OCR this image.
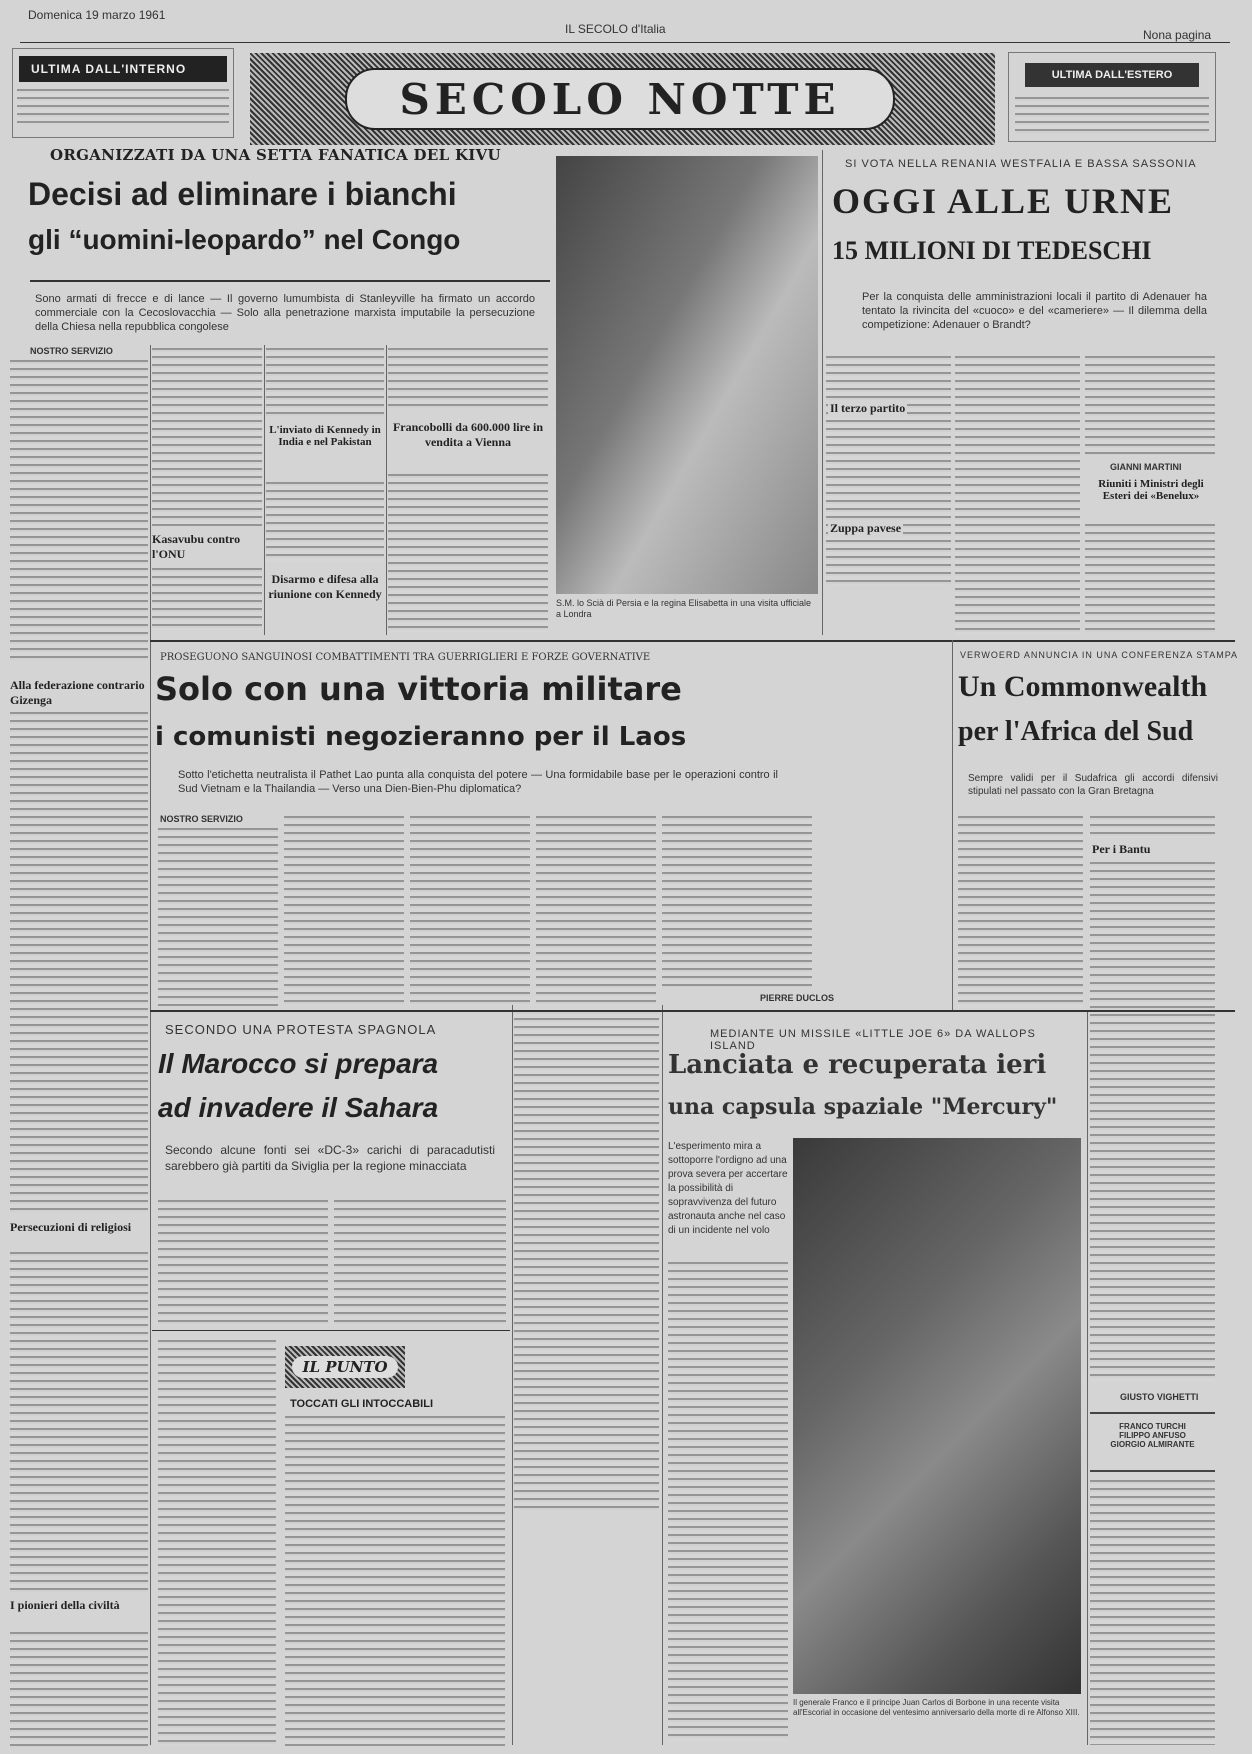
Domenica 19 marzo 1961
IL SECOLO d'Italia	Nona pagina
ULTIMA DALL'INTERNO
SECOLO NOTTE	ULTIMA DALL'ESTERO
ORGANIZZATI DA UNA SETTA FANATICA DEL KIVU
Decisi ad eliminare i bianchi
gli “uomini-leopardo” nel Congo
Sono armati di frecce e di lance — Il governo lumumbista di Stanleyville ha firmato un accordo commerciale con la Cecoslovacchia — Solo alla penetrazione marxista imputabile la persecuzione della Chiesa nella repubblica congolese
NOSTRO SERVIZIO
Kasavubu contro l'ONU
L'inviato di Kennedy in India e nel Pakistan
Disarmo e difesa alla riunione con Kennedy
Francobolli da 600.000 lire in vendita a Vienna
Alla federazione contrario Gizenga
Persecuzioni di religiosi
I pionieri della civiltà
S.M. lo Scià di Persia e la regina Elisabetta in una visita ufficiale a Londra
SI VOTA NELLA RENANIA WESTFALIA E BASSA SASSONIA
OGGI ALLE URNE
15 MILIONI DI TEDESCHI
Per la conquista delle amministrazioni locali il partito di Adenauer ha tentato la rivincita del «cuoco» e del «cameriere» — Il dilemma della competizione: Adenauer o Brandt?
Il terzo partito
Zuppa pavese
GIANNI MARTINI
Riuniti i Ministri degli Esteri dei «Benelux»
PROSEGUONO SANGUINOSI COMBATTIMENTI TRA GUERRIGLIERI E FORZE GOVERNATIVE
Solo con una vittoria militare
i comunisti negozieranno per il Laos
Sotto l'etichetta neutralista il Pathet Lao punta alla conquista del potere — Una formidabile base per le operazioni contro il Sud Vietnam e la Thailandia — Verso una Dien-Bien-Phu diplomatica?
NOSTRO SERVIZIO
PIERRE DUCLOS
VERWOERD ANNUNCIA IN UNA CONFERENZA STAMPA
Un Commonwealth
per l'Africa del Sud
Sempre validi per il Sudafrica gli accordi difensivi stipulati nel passato con la Gran Bretagna
Per i Bantu
GIUSTO VIGHETTI
FRANCO TURCHI
FILIPPO ANFUSO
GIORGIO ALMIRANTE
SECONDO UNA PROTESTA SPAGNOLA
Il Marocco si prepara
ad invadere il Sahara
Secondo alcune fonti sei «DC-3» carichi di paracadutisti sarebbero già partiti da Siviglia per la regione minacciata
IL PUNTO
TOCCATI GLI INTOCCABILI
MEDIANTE UN MISSILE «LITTLE JOE 6» DA WALLOPS ISLAND
Lanciata e recuperata ieri
una capsula spaziale "Mercury"
L'esperimento mira a sottoporre l'ordigno ad una prova severa per accertare la possibilità di sopravvivenza del futuro astronauta anche nel caso di un incidente nel volo
Il generale Franco e il principe Juan Carlos di Borbone in una recente visita all'Escorial in occasione del ventesimo anniversario della morte di re Alfonso XIII.
